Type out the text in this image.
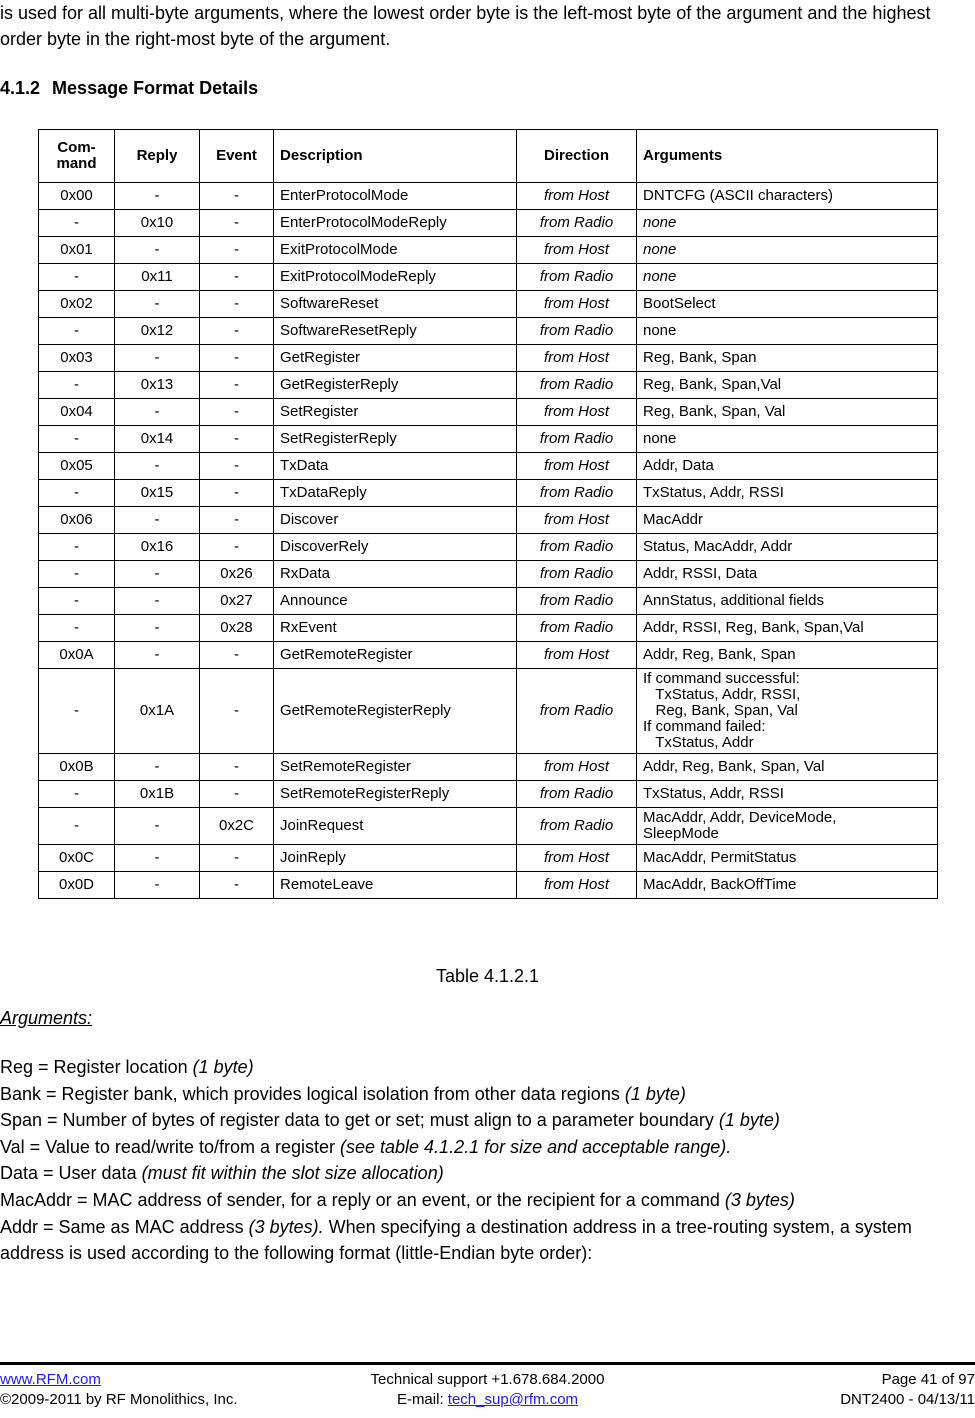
is used for all multi-byte arguments, where the lowest order byte is the left-most byte of the argument and the highest order byte in the right-most byte of the argument.

4.1.2 Message Format Details
Com-mand	Reply	Event	Description	Direction	Arguments
0x00	-	-	EnterProtocolMode	from Host	DNTCFG (ASCII characters)
-	0x10	-	EnterProtocolModeReply	from Radio	none
0x01	-	-	ExitProtocolMode	from Host	none
-	0x11	-	ExitProtocolModeReply	from Radio	none
0x02	-	-	SoftwareReset	from Host	BootSelect
-	0x12	-	SoftwareResetReply	from Radio	none
0x03	-	-	GetRegister	from Host	Reg, Bank, Span
-	0x13	-	GetRegisterReply	from Radio	Reg, Bank, Span,Val
0x04	-	-	SetRegister	from Host	Reg, Bank, Span, Val
-	0x14	-	SetRegisterReply	from Radio	none
0x05	-	-	TxData	from Host	Addr, Data
-	0x15	-	TxDataReply	from Radio	TxStatus, Addr, RSSI
0x06	-	-	Discover	from Host	MacAddr
-	0x16	-	DiscoverRely	from Radio	Status, MacAddr, Addr
-	-	0x26	RxData	from Radio	Addr, RSSI, Data
-	-	0x27	Announce	from Radio	AnnStatus, additional fields
-	-	0x28	RxEvent	from Radio	Addr, RSSI, Reg, Bank, Span,Val
0x0A	-	-	GetRemoteRegister	from Host	Addr, Reg, Bank, Span
-	0x1A	-	GetRemoteRegisterReply	from Radio	If command successful:
TxStatus, Addr, RSSI,
Reg, Bank, Span, Val
If command failed:
TxStatus, Addr

0x0B	-	-	SetRemoteRegister	from Host	Addr, Reg, Bank, Span, Val
-	0x1B	-	SetRemoteRegisterReply	from Radio	TxStatus, Addr, RSSI
-	-	0x2C	JoinRequest	from Radio	MacAddr, Addr, DeviceMode,
SleepMode

0x0C	-	-	JoinReply	from Host	MacAddr, PermitStatus
0x0D	-	-	RemoteLeave	from Host	MacAddr, BackOffTime

Table 4.1.2.1

Arguments:

Reg = Register location (1 byte)
Bank = Register bank, which provides logical isolation from other data regions (1 byte)
Span = Number of bytes of register data to get or set; must align to a parameter boundary (1 byte)
Val = Value to read/write to/from a register (see table 4.1.2.1 for size and acceptable range).
Data = User data (must fit within the slot size allocation)
MacAddr = MAC address of sender, for a reply or an event, or the recipient for a command (3 bytes)
Addr = Same as MAC address (3 bytes). When specifying a destination address in a tree-routing system, a system address is used according to the following format (little-Endian byte order):
www.RFM.com
©2009-2011 by RF Monolithics, Inc.
Technical support +1.678.684.2000
E-mail: tech_sup@rfm.com
Page 41 of 97
DNT2400 - 04/13/11
